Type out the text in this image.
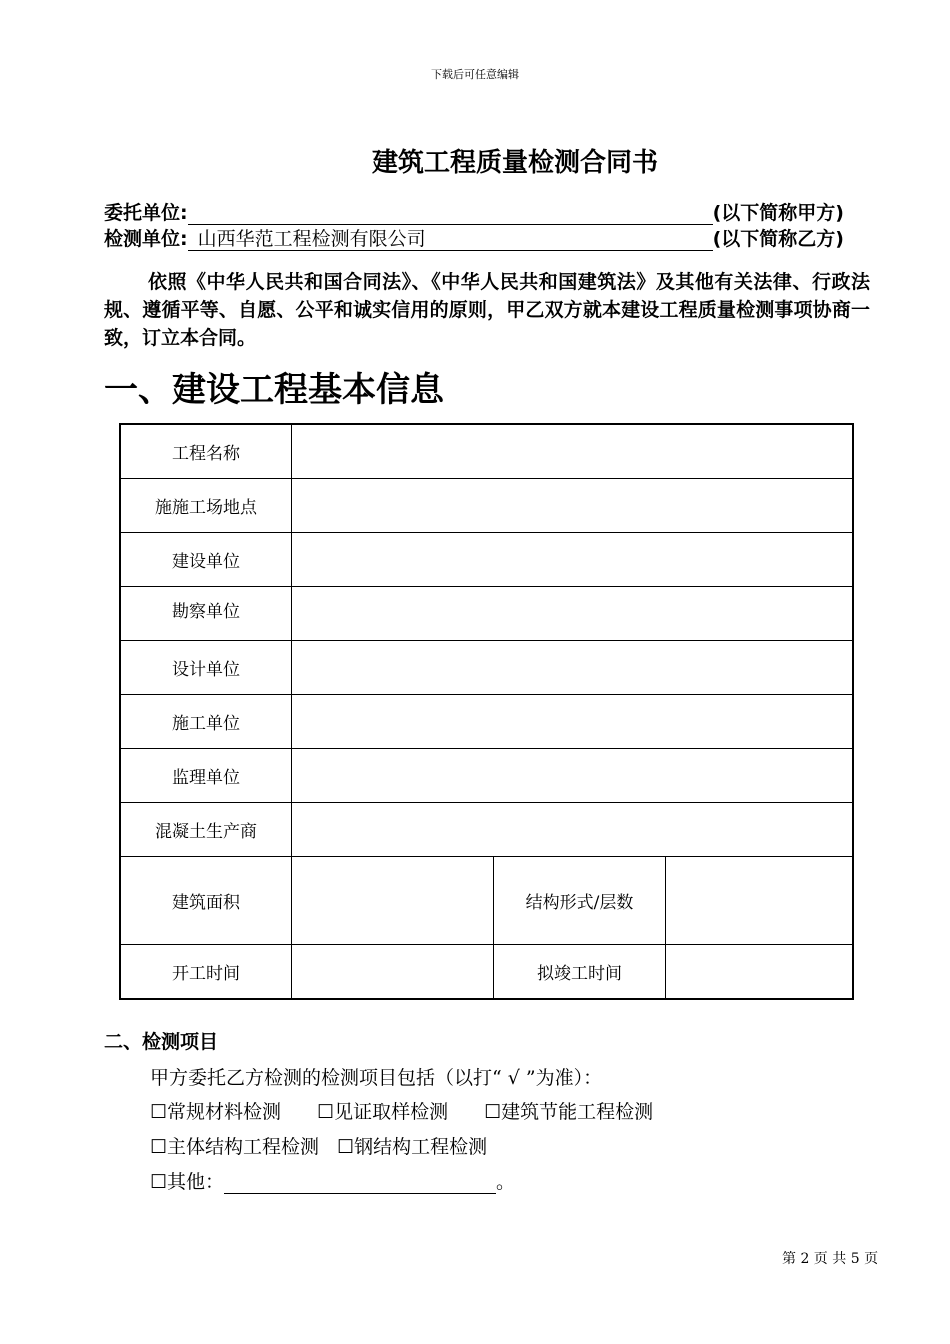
下载后可任意编辑
建筑工程质量检测合同书
委托单位:	(以下简称甲方)
检测单位: 山西华范工程检测有限公司	(以下简称乙方)
依照《中华人民共和国合同法》、《中华人民共和国建筑法》及其他有关法律、行政法规、遵循平等、自愿、公平和诚实信用的原则，甲乙双方就本建设工程质量检测事项协商一致，订立本合同。
一、建设工程基本信息
工程名称			
施施工场地点			
建设单位			
勘察单位			
设计单位			
施工单位			
监理单位			
混凝土生产商			
建筑面积		结构形式/层数	
开工时间		拟竣工时间	
二、检测项目
甲方委托乙方检测的检测项目包括（以打“ √ ”为准）：
☐常规材料检测 ☐见证取样检测 ☐建筑节能工程检测
☐主体结构工程检测 ☐钢结构工程检测
☐其他：	。
第 2 页 共 5 页
